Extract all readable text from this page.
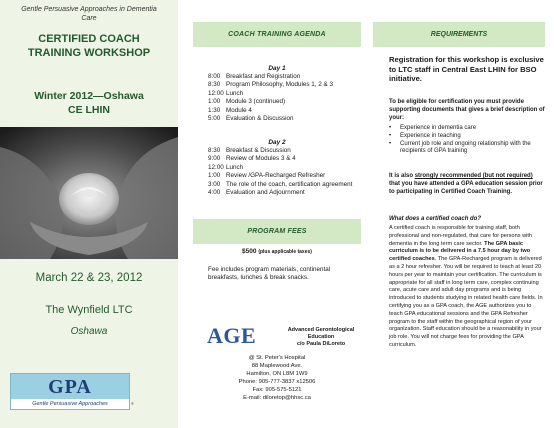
Gentle Persuasive Approaches in Dementia Care
CERTIFIED COACH
TRAINING WORKSHOP
Winter 2012—Oshawa
CE LHIN
March 22 & 23, 2012
The Wynfield LTC
Oshawa
GPA
Gentle Persuasive Approaches	®
COACH TRAINING AGENDA
Day 1
8:00 Breakfast and Registration
8:30 Program Philosophy, Modules 1, 2 & 3
12:00 Lunch
1:00 Module 3 (continued)
1:30 Module 4
5:00 Evaluation & Discussion
Day 2
8:30 Breakfast & Discussion
9:00 Review of Modules 3 & 4
12:00 Lunch
1:00 Review /GPA-Recharged Refresher
3:00 The role of the coach, certification agreement
4:00 Evaluation and Adjournment
PROGRAM FEES
$500 (plus applicable taxes)
Fee includes program materials, continental breakfasts, lunches & break snacks.
AGE	Advanced Gerontological
Education
c/o Paula DiLoreto
@ St. Peter's Hospital
88 Maplewood Ave.
Hamilton, ON L8M 1W9
Phone: 905-777-3837 x12506
Fax: 905-575-5121
E-mail: diloretop@hhsc.ca
REQUIREMENTS
Registration for this workshop is exclusive to LTC staff in Central East LHIN for BSO initiative.
To be eligible for certification you must provide supporting documents that gives a brief description of your:
•	Experience in dementia care
•	Experience in teaching
•	Current job role and ongoing relationship with the recipients of GPA training
It is also strongly recommended (but not required) that you have attended a GPA education session prior to participating in Certified Coach Training.
What does a certified coach do?
A certified coach is responsible for training staff, both professional and non-regulated, that care for persons with dementia in the long term care sector. The GPA basic curriculum is to be delivered in a 7.5 hour day by two certified coaches. The GPA-Recharged program is delivered as a 2 hour refresher. You will be required to teach at least 20 hours per year to maintain your certification. The curriculum is appropriate for all staff in long term care, complex continuing care, acute care and adult day programs and is being introduced to students studying in related health care fields. In certifying you as a GPA coach, the AGE authorizes you to teach GPA educational sessions and the GPA Refresher program to the staff within the geographical region of your organization. Staff education should be a reasonability in your job role. You will not charge fees for providing the GPA curriculum.
